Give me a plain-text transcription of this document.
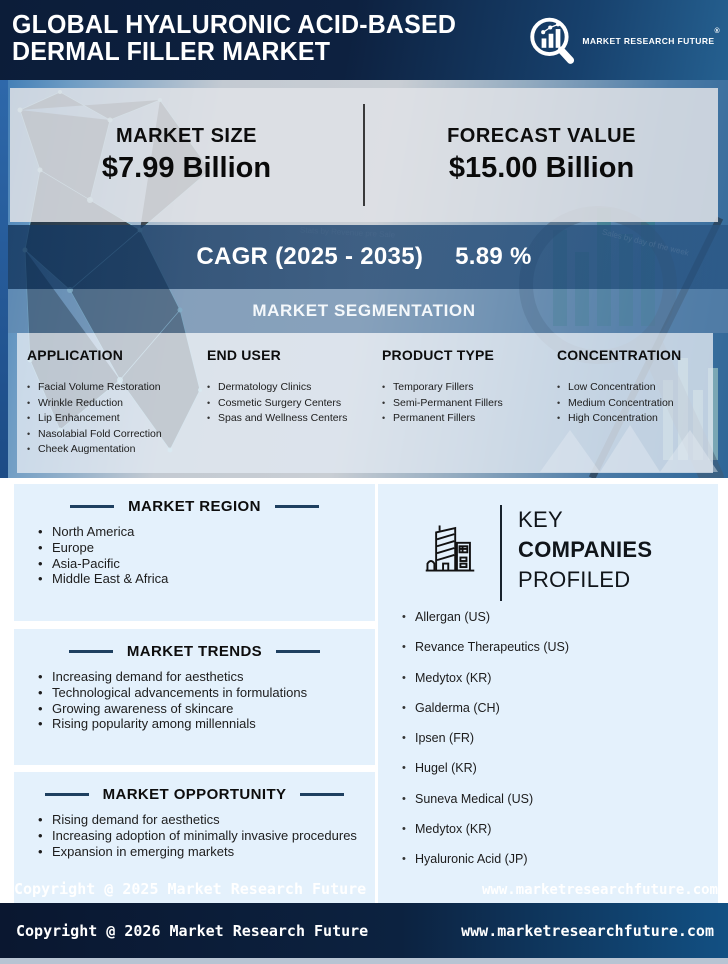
GLOBAL HYALURONIC ACID-BASED
DERMAL FILLER MARKET	MARKET RESEARCH FUTURE®
MARKET SIZE
$7.99 Billion
FORECAST VALUE
$15.00 Billion
CAGR (2025 - 2035) 5.89 %
MARKET SEGMENTATION
APPLICATION
• Facial Volume Restoration
• Wrinkle Reduction
• Lip Enhancement
• Nasolabial Fold Correction
• Cheek Augmentation
END USER
• Dermatology Clinics
• Cosmetic Surgery Centers
• Spas and Wellness Centers
PRODUCT TYPE
• Temporary Fillers
• Semi-Permanent Fillers
• Permanent Fillers
CONCENTRATION
• Low Concentration
• Medium Concentration
• High Concentration
MARKET REGION
• North America
• Europe
• Asia-Pacific
• Middle East & Africa
MARKET TRENDS
• Increasing demand for aesthetics
• Technological advancements in formulations
• Growing awareness of skincare
• Rising popularity among millennials
MARKET OPPORTUNITY
• Rising demand for aesthetics
• Increasing adoption of minimally invasive procedures
• Expansion in emerging markets
KEY
COMPANIES
PROFILED
• Allergan (US)
• Revance Therapeutics (US)
• Medytox (KR)
• Galderma (CH)
• Ipsen (FR)
• Hugel (KR)
• Suneva Medical (US)
• Medytox (KR)
• Hyaluronic Acid (JP)
Copyright @ 2025 Market Research Future	www.marketresearchfuture.com
Copyright @ 2026 Market Research Future	www.marketresearchfuture.com
